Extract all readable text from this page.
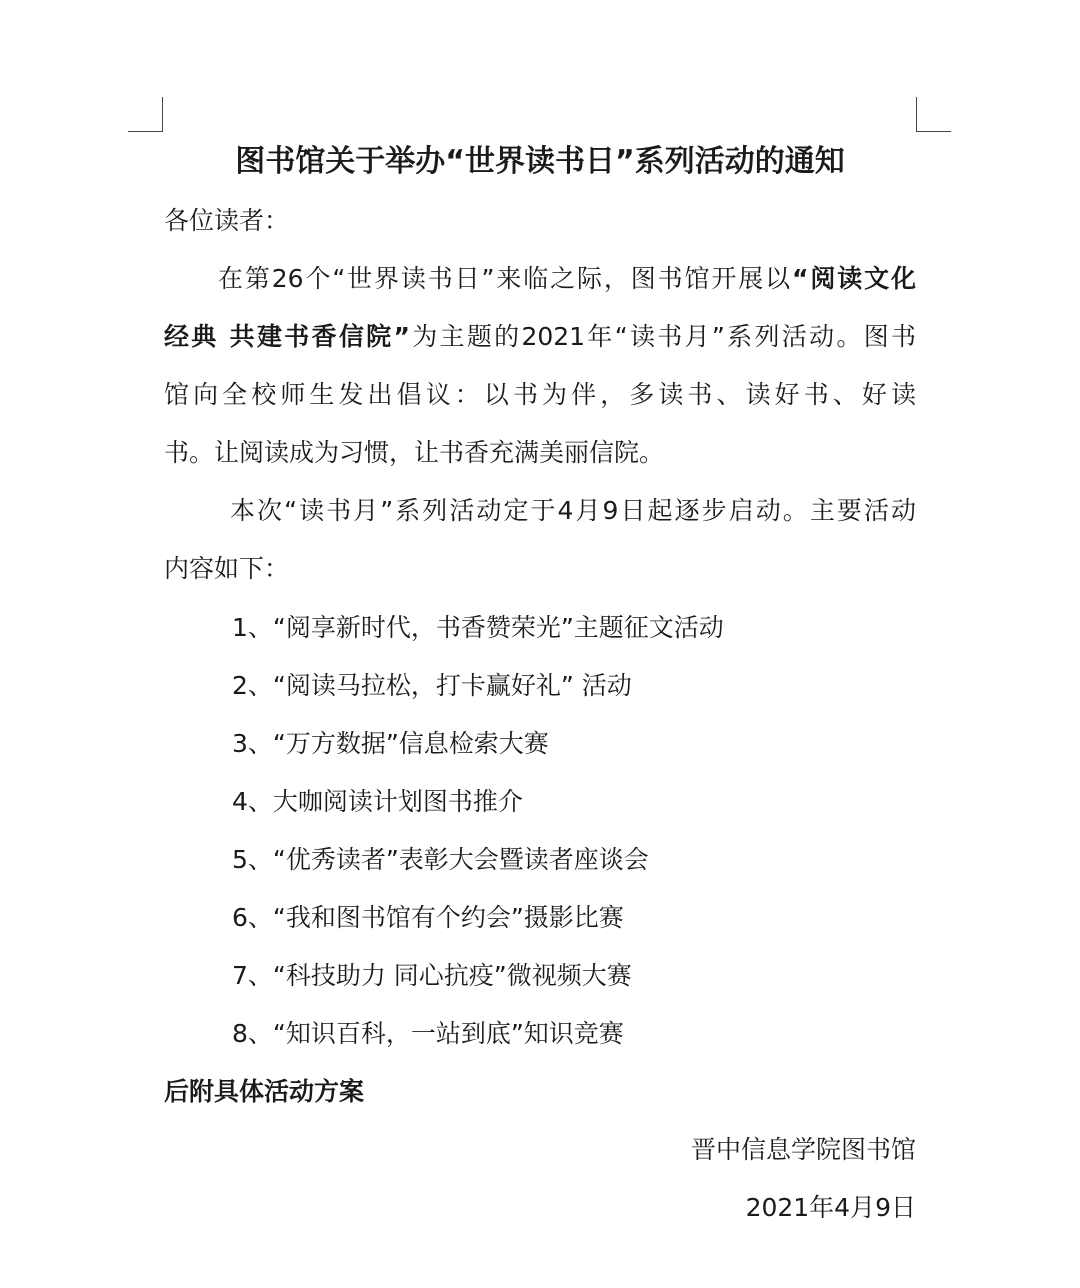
图书馆关于举办“世界读书日”系列活动的通知
各位读者：
在第26个“世界读书日”来临之际，图书馆开展以“阅读文化
经典 共建书香信院”为主题的2021年“读书月”系列活动。图书
馆向全校师生发出倡议：以书为伴，多读书、读好书、好读
书。让阅读成为习惯，让书香充满美丽信院。
本次“读书月”系列活动定于4月9日起逐步启动。主要活动
内容如下：
1、“阅享新时代，书香赞荣光”主题征文活动
2、“阅读马拉松，打卡赢好礼” 活动
3、“万方数据”信息检索大赛
4、大咖阅读计划图书推介
5、“优秀读者”表彰大会暨读者座谈会
6、“我和图书馆有个约会”摄影比赛
7、“科技助力 同心抗疫”微视频大赛
8、“知识百科，一站到底”知识竞赛
后附具体活动方案
晋中信息学院图书馆
2021年4月9日
